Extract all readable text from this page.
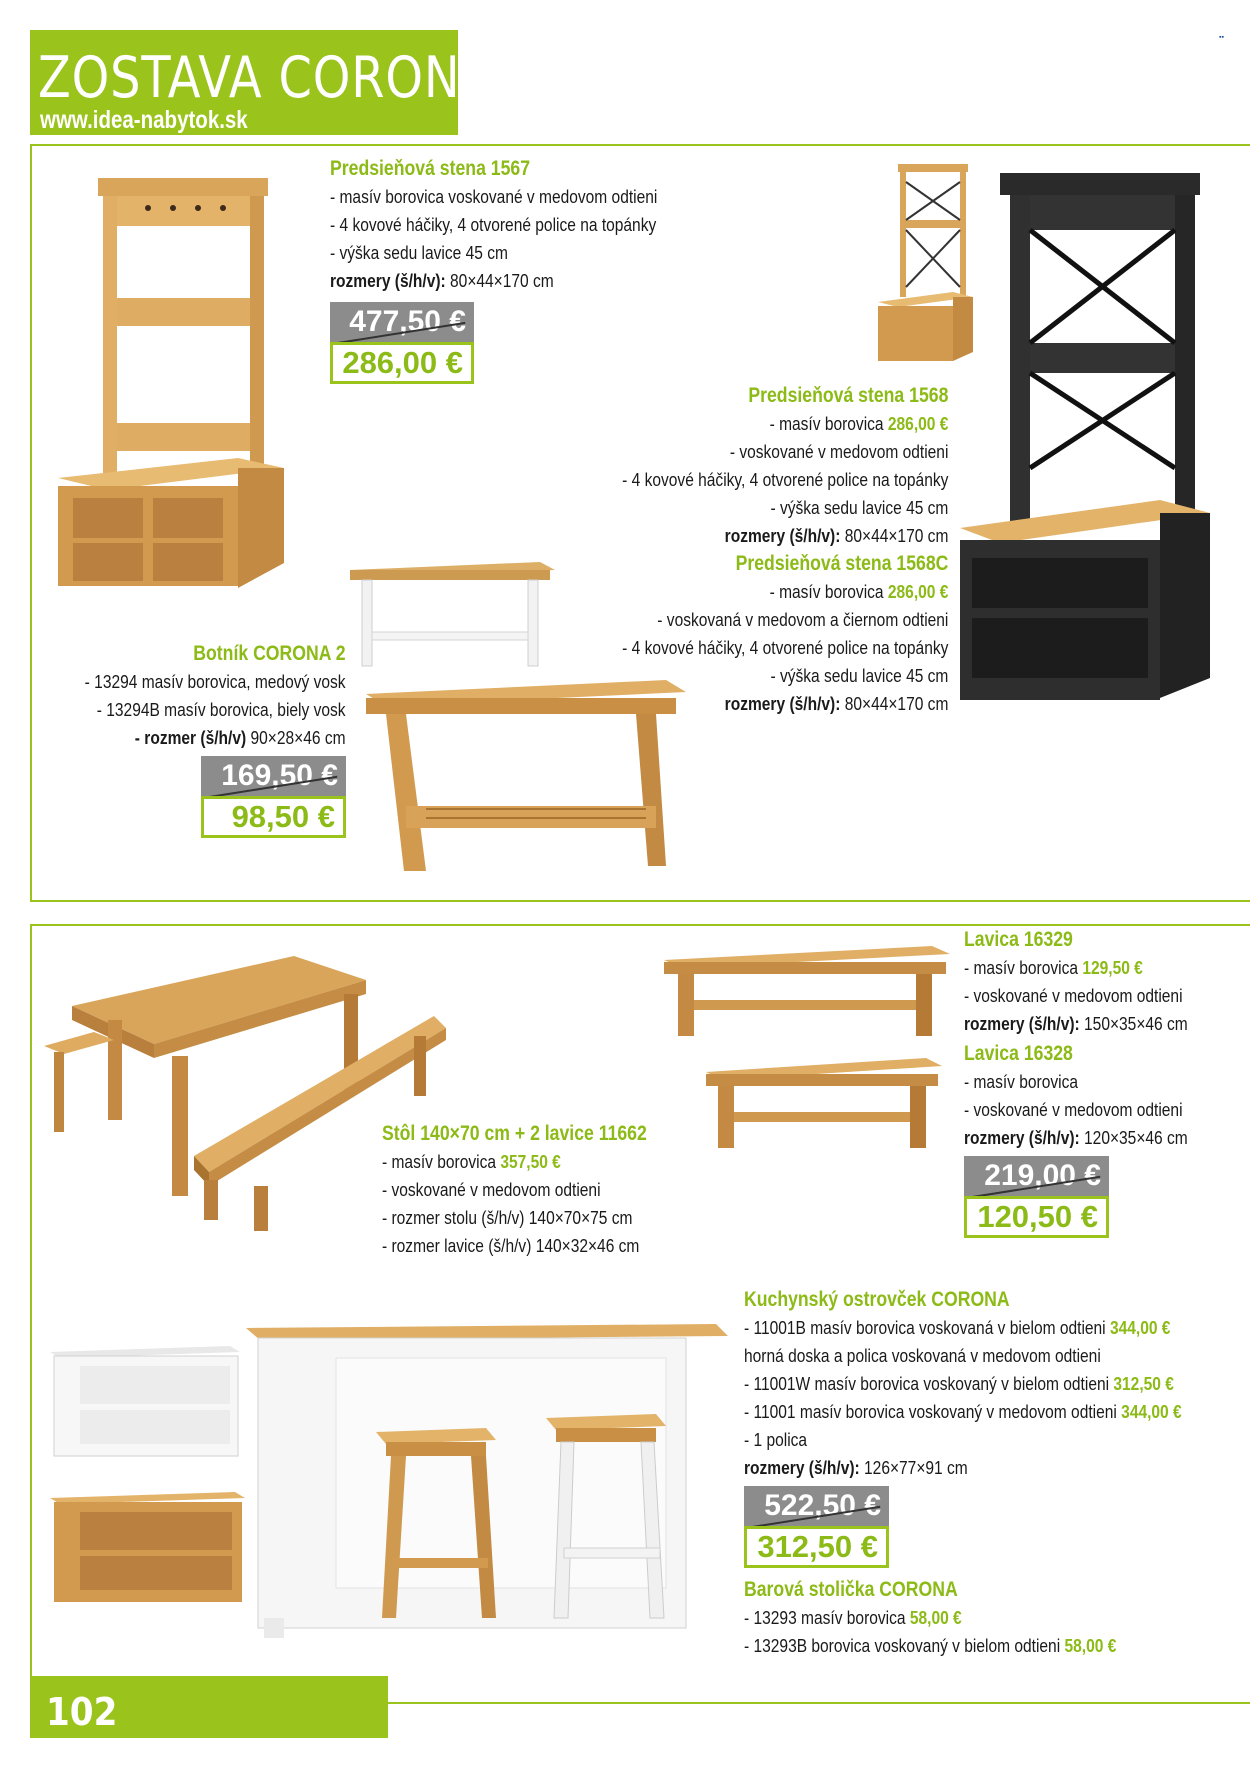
ZOSTAVA CORONA
www.idea-nabytok.sk
▪▪
Predsieňová stena 1567
- masív borovica voskované v medovom odtieni
- 4 kovové háčiky, 4 otvorené police na topánky
- výška sedu lavice 45 cm
rozmery (š/h/v): 80×44×170 cm
477,50 €
286,00 €
Predsieňová stena 1568
- masív borovica 286,00 €
- voskované v medovom odtieni
- 4 kovové háčiky, 4 otvorené police na topánky
- výška sedu lavice 45 cm
rozmery (š/h/v): 80×44×170 cm
Predsieňová stena 1568C
- masív borovica 286,00 €
- voskovaná v medovom a čiernom odtieni
- 4 kovové háčiky, 4 otvorené police na topánky
- výška sedu lavice 45 cm
rozmery (š/h/v): 80×44×170 cm
Botník CORONA 2
- 13294 masív borovica, medový vosk
- 13294B masív borovica, biely vosk
- rozmer (š/h/v) 90×28×46 cm
169,50 €
98,50 €
Lavica 16329
- masív borovica 129,50 €
- voskované v medovom odtieni
rozmery (š/h/v): 150×35×46 cm
Lavica 16328
- masív borovica
- voskované v medovom odtieni
rozmery (š/h/v): 120×35×46 cm
219,00 €
120,50 €
Stôl 140×70 cm + 2 lavice 11662
- masív borovica 357,50 €
- voskované v medovom odtieni
- rozmer stolu (š/h/v) 140×70×75 cm
- rozmer lavice (š/h/v) 140×32×46 cm
Kuchynský ostrovček CORONA
- 11001B masív borovica voskovaná v bielom odtieni 344,00 €
horná doska a polica voskovaná v medovom odtieni
- 11001W masív borovica voskovaný v bielom odtieni 312,50 €
- 11001 masív borovica voskovaný v medovom odtieni 344,00 €
- 1 polica
rozmery (š/h/v): 126×77×91 cm
522,50 €
312,50 €
Barová stolička CORONA
- 13293 masív borovica 58,00 €
- 13293B borovica voskovaný v bielom odtieni 58,00 €
102
